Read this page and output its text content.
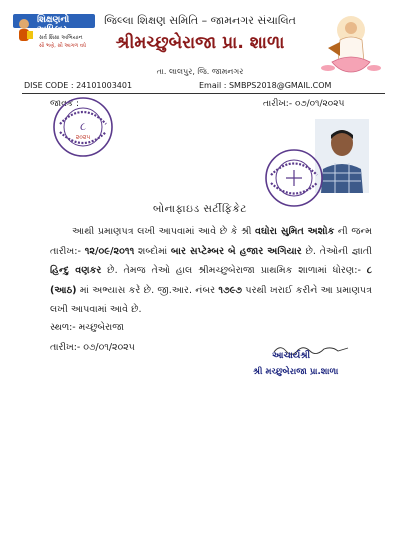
શિક્ષણનો અધિકાર
સર્વ શિક્ષા અભિયાન
સૌ ભણે, સૌ આગળ વધે
જિલ્લા શિક્ષણ સમિતિ – જામનગર સંચાલિત
શ્રીમચ્છુબેરાજા પ્રા. શાળા
તા. લાલપુર, જિ. જામનગર
DISE CODE : 24101003401	Email : SMBPS2018@GMAIL.COM
જાવક :	તારીખ:- ૦૭/૦૧/૨૦૨૫
૮
૨૦૨૫
બોનાફાઇડ સર્ટીફિકેટ
આથી પ્રમાણપત્ર લખી આપવામાં આવે છે કે શ્રી વઘોરા સુમિત અશોક ની જન્મ તારીખ:- ૧૨/૦૯/૨૦૧૧ શબ્દોમાં બાર સપ્ટેમ્બર બે હજાર અગિયાર છે. તેઓની જ્ઞાતી હિન્દુ વણકર છે. તેમજ તેઓ હાલ શ્રીમચ્છુબેરાજા પ્રાથમિક શાળામાં ધોરણ:- ૮ (આઠ) માં અભ્યાસ કરે છે. જી.આર. નંબર ૧૭૯૭ પરથી ખરાઈ કરીને આ પ્રમાણપત્ર લખી આપવામાં આવે છે.
સ્થળ:- મચ્છુબેરાજા
તારીખ:- ૦૭/૦૧/૨૦૨૫
આચાર્યશ્રી
શ્રી મચ્છુબેરાજા પ્રા.શાળા
